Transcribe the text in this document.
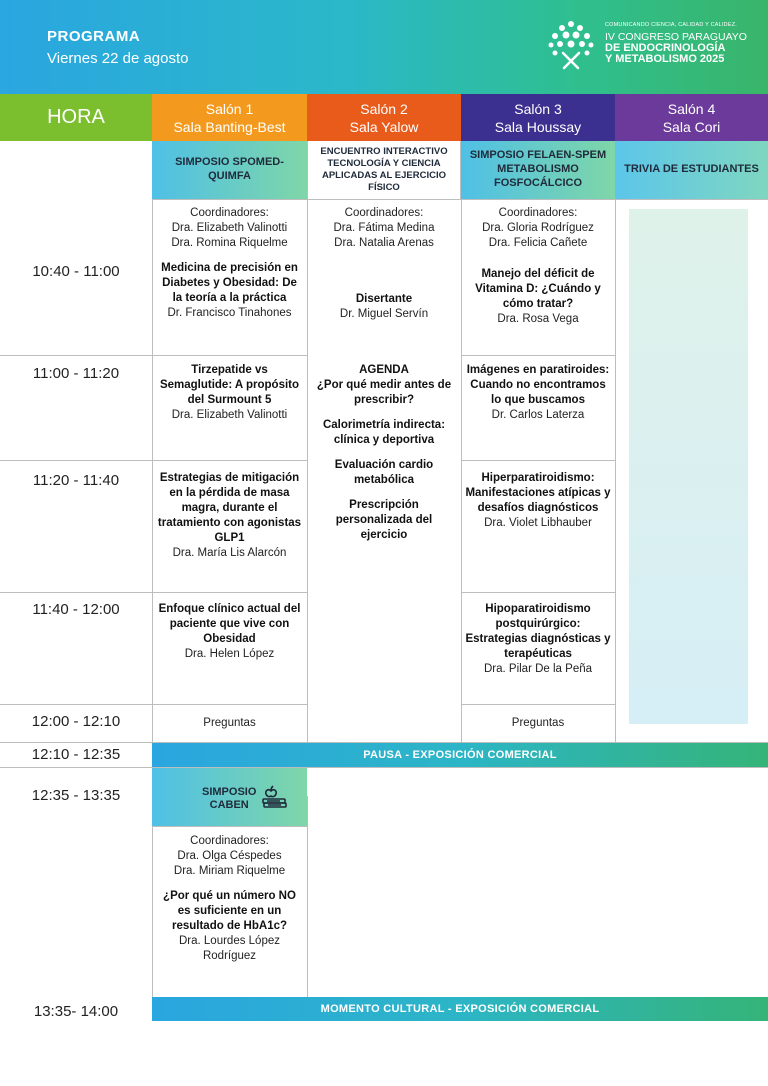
PROGRAMA
Viernes 22 de agosto
COMUNICANDO CIENCIA, CALIDAD Y CALIDEZ.
IV CONGRESO PARAGUAYO
DE ENDOCRINOLOGÍA
Y METABOLISMO 2025
HORA	Salón 1
Sala Banting-Best
Salón 2
Sala Yalow
Salón 3
Sala Houssay
Salón 4
Sala Cori
SIMPOSIO SPOMED-QUIMFA
ENCUENTRO INTERACTIVO TECNOLOGÍA Y CIENCIA APLICADAS AL EJERCICIO FÍSICO
SIMPOSIO FELAEN-SPEM METABOLISMO FOSFOCÁLCICO
TRIVIA DE ESTUDIANTES
10:40 - 11:00
11:00 - 11:20
11:20 - 11:40
11:40 - 12:00
12:00 - 12:10
12:10 - 12:35
12:35 - 13:35
13:35- 14:00
Coordinadores:
Dra. Elizabeth Valinotti
Dra. Romina Riquelme
Medicina de precisión en Diabetes y Obesidad: De la teoría a la práctica
Dr. Francisco Tinahones
Tirzepatide vs Semaglutide: A propósito del Surmount 5
Dra. Elizabeth Valinotti
Estrategias de mitigación en la pérdida de masa magra, durante el tratamiento con agonistas GLP1
Dra. María Lis Alarcón
Enfoque clínico actual del paciente que vive con Obesidad
Dra. Helen López
Preguntas
Coordinadores:
Dra. Fátima Medina
Dra. Natalia Arenas
Disertante
Dr. Miguel Servín
AGENDA
¿Por qué medir antes de prescribir?
Calorimetría indirecta: clínica y deportiva
Evaluación cardio metabólica
Prescripción personalizada del ejercicio
Coordinadores:
Dra. Gloria Rodríguez
Dra. Felicia Cañete
Manejo del déficit de Vitamina D: ¿Cuándo y cómo tratar?
Dra. Rosa Vega
Imágenes en paratiroides: Cuando no encontramos lo que buscamos
Dr. Carlos Laterza
Hiperparatiroidismo: Manifestaciones atípicas y desafíos diagnósticos
Dra. Violet Libhauber
Hipoparatiroidismo postquirúrgico: Estrategias diagnósticas y terapéuticas
Dra. Pilar De la Peña
Preguntas
PAUSA - EXPOSICIÓN COMERCIAL
SIMPOSIO
CABEN
Coordinadores:
Dra. Olga Céspedes
Dra. Miriam Riquelme
¿Por qué un número NO es suficiente en un resultado de HbA1c?
Dra. Lourdes López Rodríguez
MOMENTO CULTURAL - EXPOSICIÓN COMERCIAL
